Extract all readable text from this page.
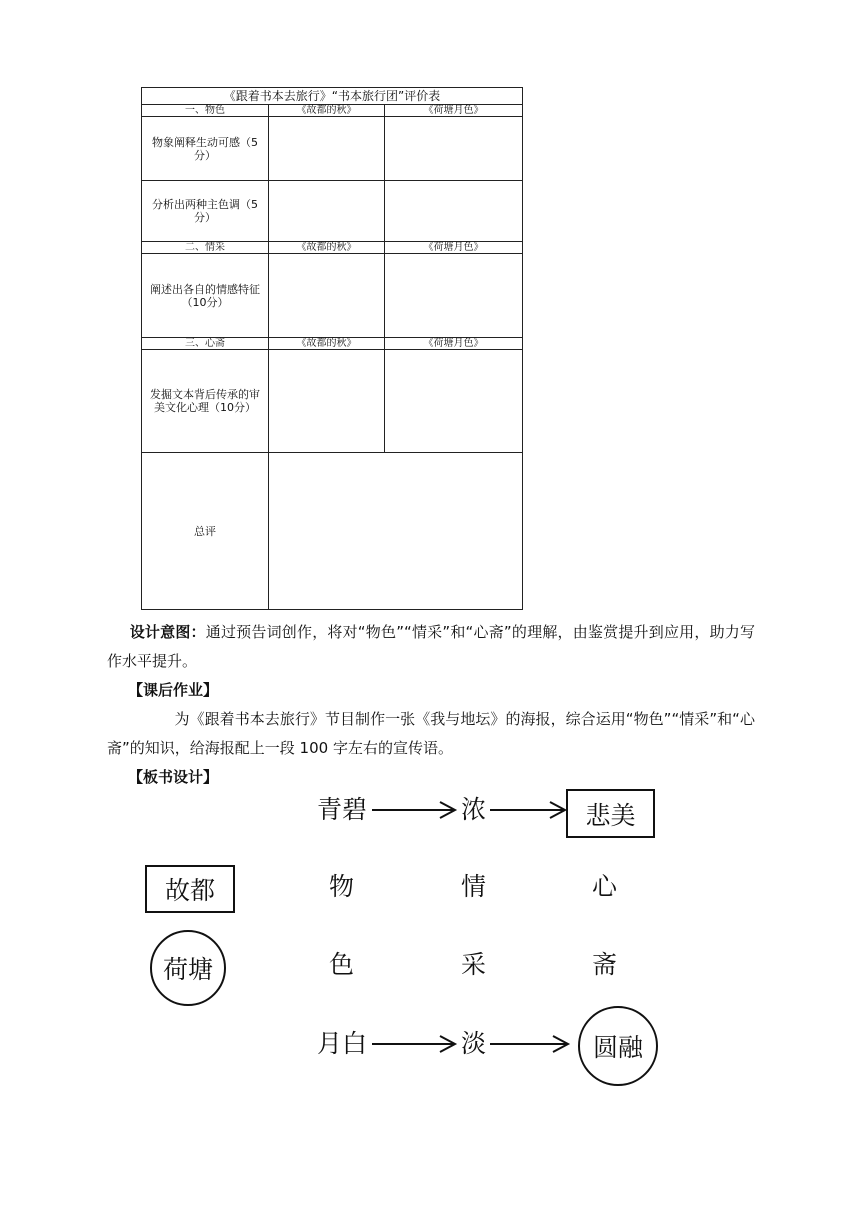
《跟着书本去旅行》“书本旅行团”评价表		
一、物色	《故都的秋》	《荷塘月色》
物象阐释生动可感（5分）		
分析出两种主色调（5分）		
二、情采	《故都的秋》	《荷塘月色》
阐述出各自的情感特征（10分）		
三、心斋	《故都的秋》	《荷塘月色》
发掘文本背后传承的审美文化心理（10分）		
总评		
  设计意图：通过预告词创作，将对“物色”“情采”和“心斋”的理解，由鉴赏提升到应用，助力写作水平提升。
【课后作业】
     为《跟着书本去旅行》节目制作一张《我与地坛》的海报，综合运用“物色”“情采”和“心斋”的知识，给海报配上一段 100 字左右的宣传语。
【板书设计】
青碧	浓	悲美
故都
荷塘
物	情	心
色	采	斋
月白	淡	圆融
